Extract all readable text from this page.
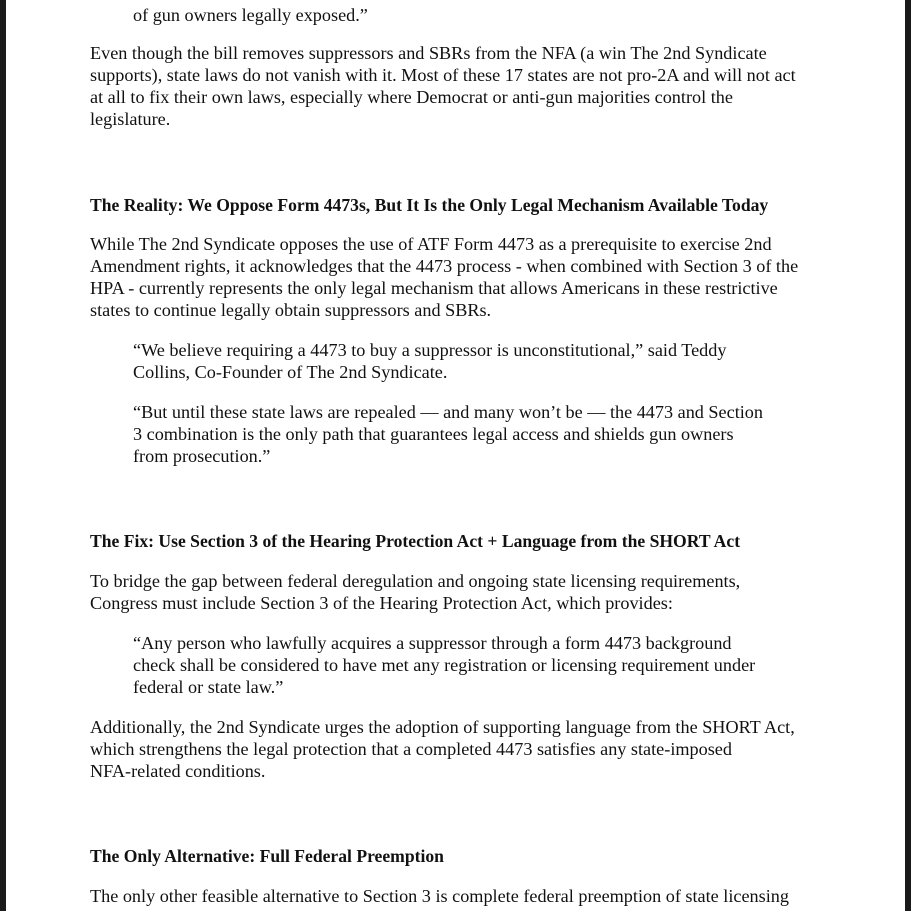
of gun owners legally exposed.”

Even though the bill removes suppressors and SBRs from the NFA (a win The 2nd Syndicate
supports), state laws do not vanish with it. Most of these 17 states are not pro-2A and will not act
at all to fix their own laws, especially where Democrat or anti-gun majorities control the
legislature.

The Reality: We Oppose Form 4473s, But It Is the Only Legal Mechanism Available Today

While The 2nd Syndicate opposes the use of ATF Form 4473 as a prerequisite to exercise 2nd
Amendment rights, it acknowledges that the 4473 process - when combined with Section 3 of the
HPA - currently represents the only legal mechanism that allows Americans in these restrictive
states to continue legally obtain suppressors and SBRs.

“We believe requiring a 4473 to buy a suppressor is unconstitutional,” said Teddy
Collins, Co-Founder of The 2nd Syndicate.
“But until these state laws are repealed — and many won’t be — the 4473 and Section
3 combination is the only path that guarantees legal access and shields gun owners
from prosecution.”
The Fix: Use Section 3 of the Hearing Protection Act + Language from the SHORT Act

To bridge the gap between federal deregulation and ongoing state licensing requirements,
Congress must include Section 3 of the Hearing Protection Act, which provides:

“Any person who lawfully acquires a suppressor through a form 4473 background
check shall be considered to have met any registration or licensing requirement under
federal or state law.”

Additionally, the 2nd Syndicate urges the adoption of supporting language from the SHORT Act,
which strengthens the legal protection that a completed 4473 satisfies any state-imposed
NFA-related conditions.

The Only Alternative: Full Federal Preemption

The only other feasible alternative to Section 3 is complete federal preemption of state licensing
